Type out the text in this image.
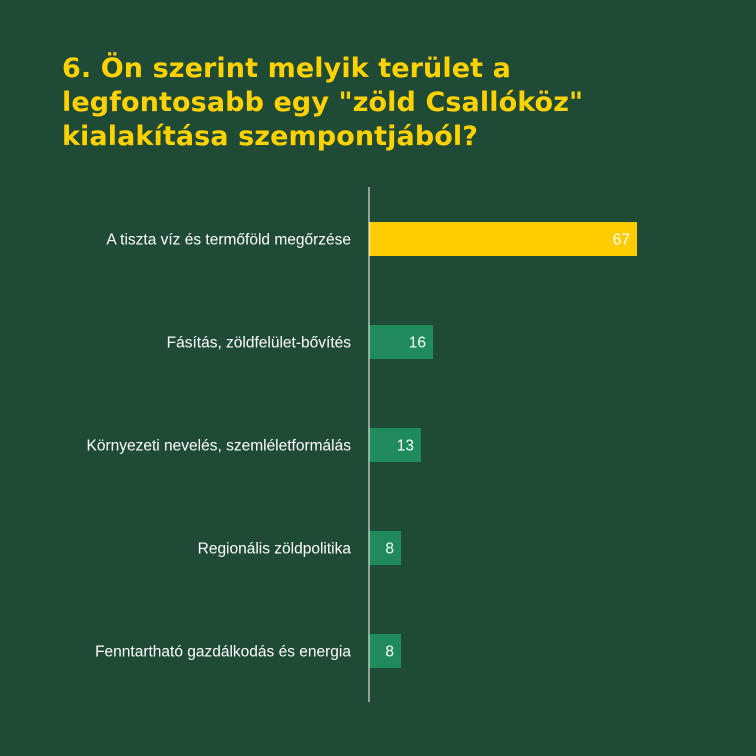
6. Ön szerint melyik terület a legfontosabb egy "zöld Csallóköz" kialakítása szempontjából?
A tiszta víz és termőföld megőrzése	67
Fásítás, zöldfelület-bővítés	16
Környezeti nevelés, szemléletformálás	13
Regionális zöldpolitika 8
Fenntartható gazdálkodás és energia 8
